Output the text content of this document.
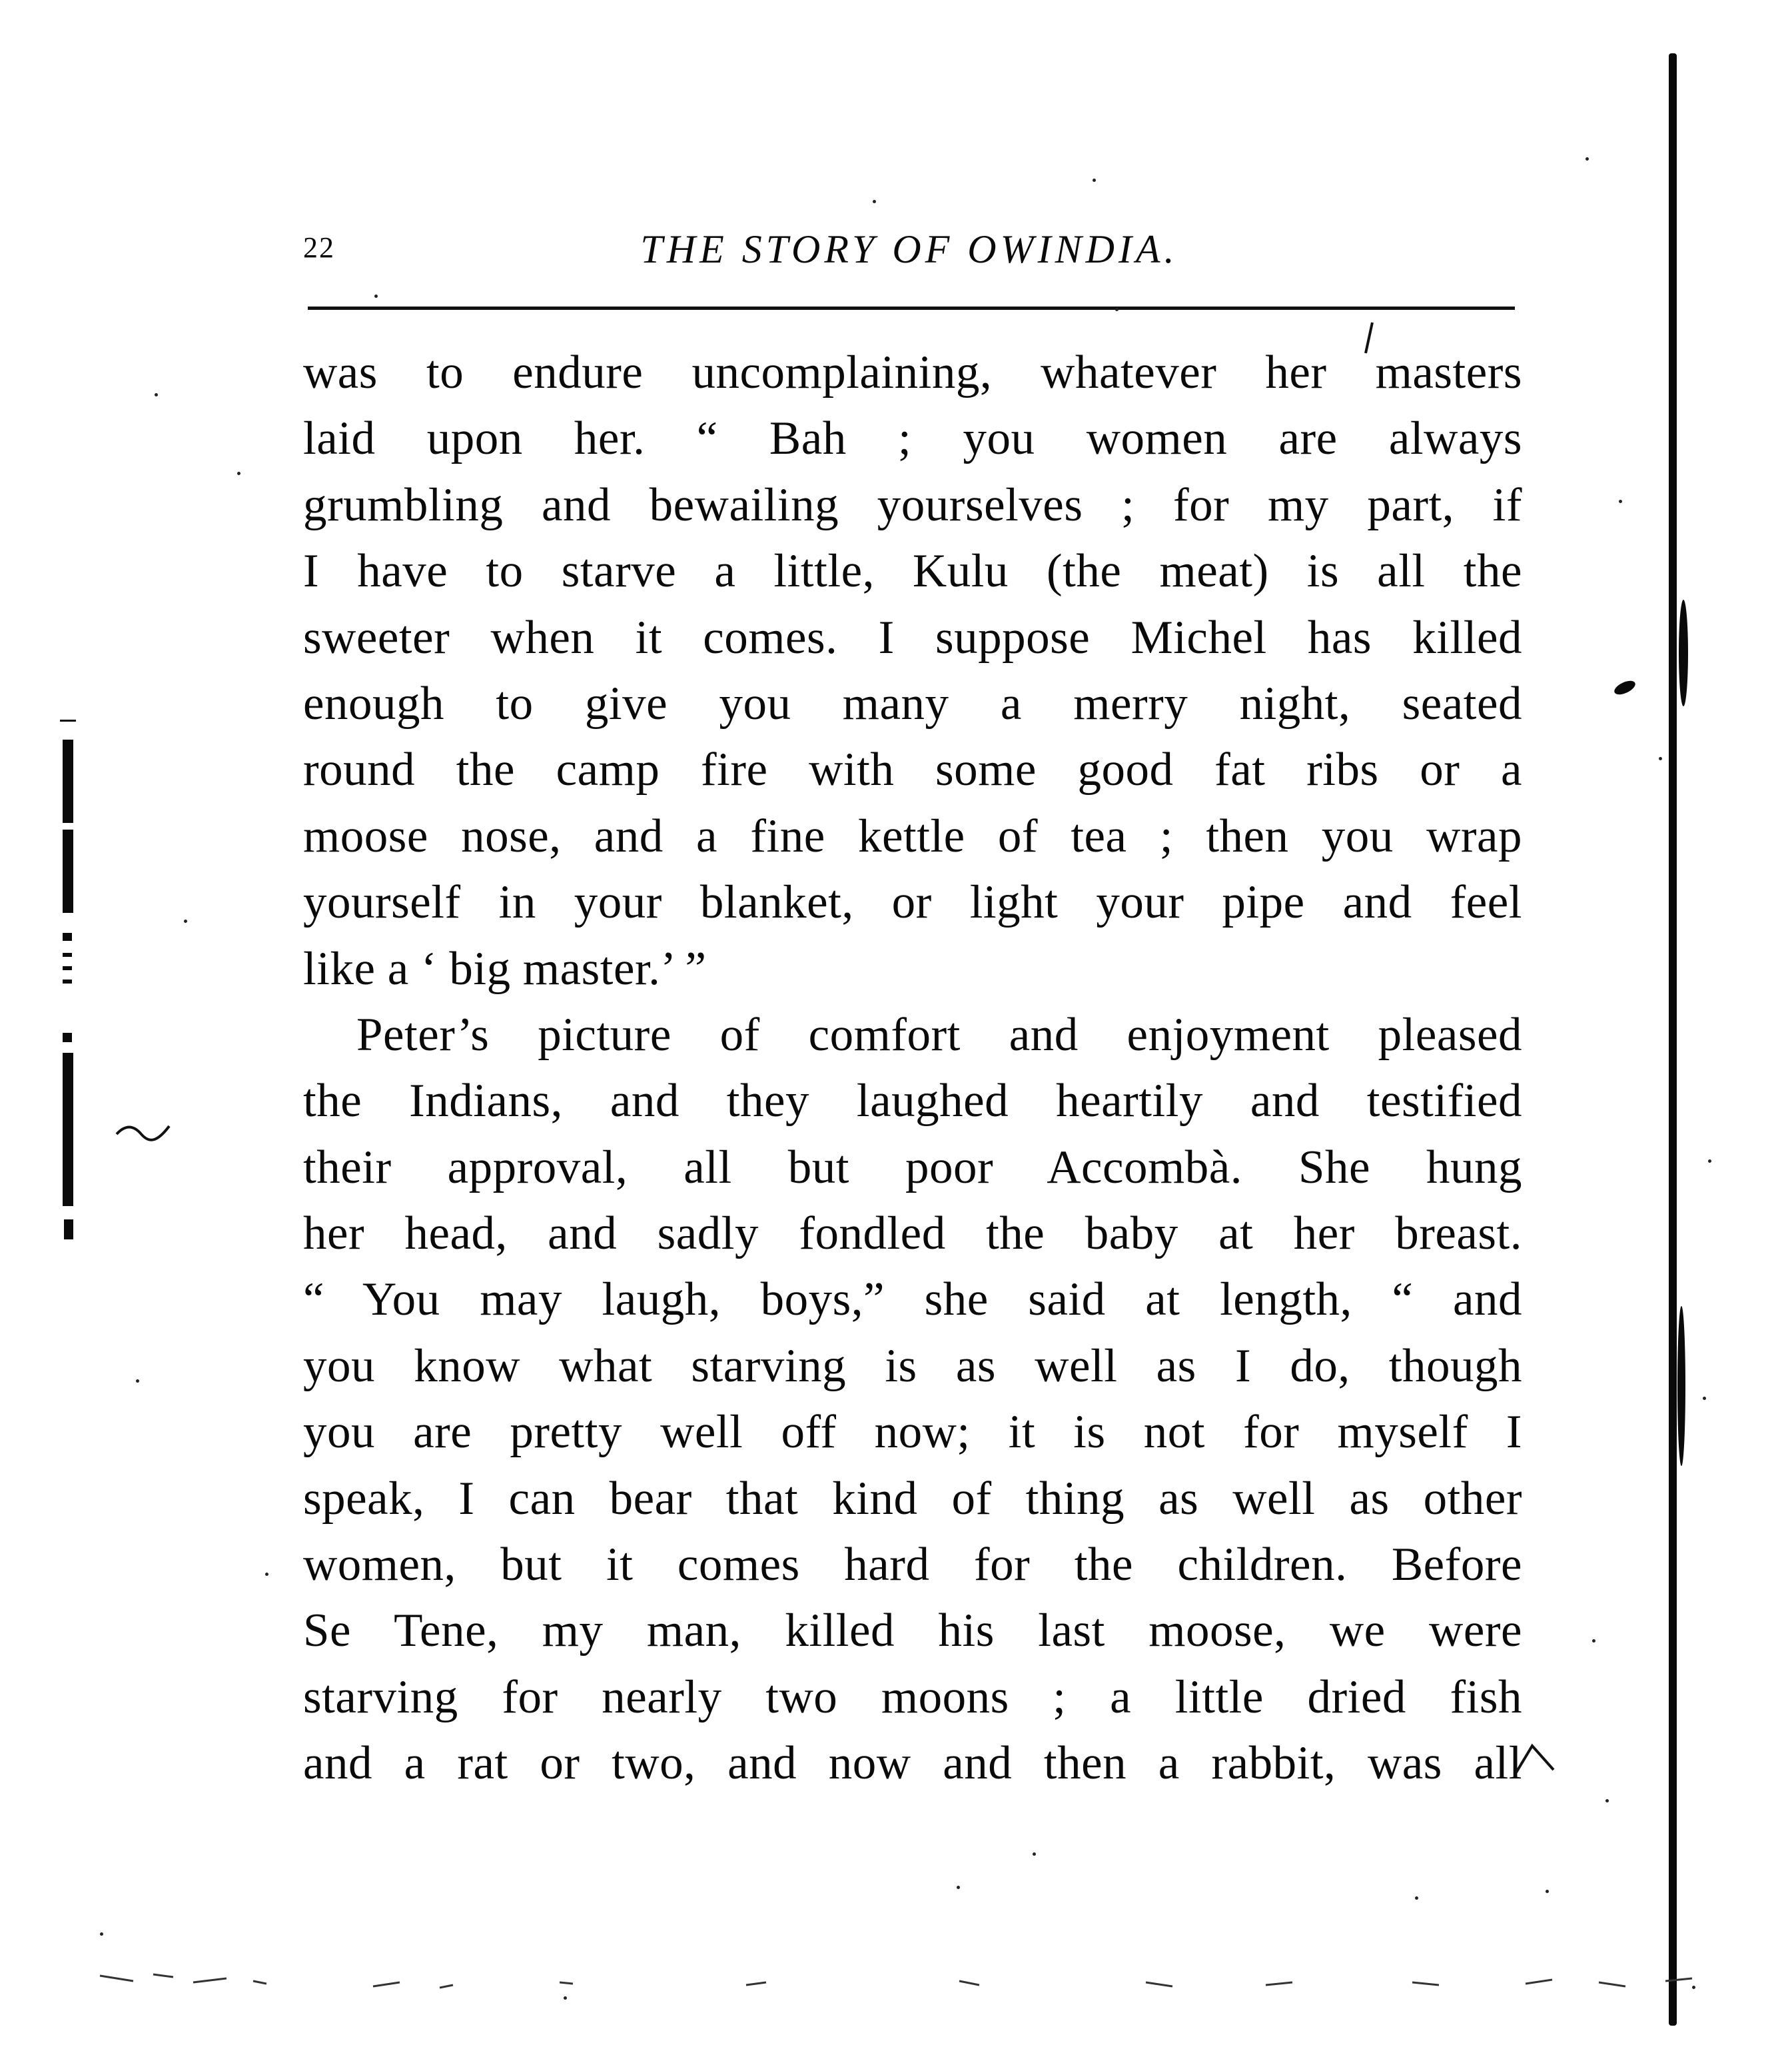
22	THE STORY OF OWINDIA.
was to endure uncomplaining, whatever her masters
laid upon her. “ Bah ; you women are always
grumbling and bewailing yourselves ; for my part, if
I have to starve a little, Kulu (the meat) is all the
sweeter when it comes. I suppose Michel has killed
enough to give you many a merry night, seated
round the camp fire with some good fat ribs or a
moose nose, and a fine kettle of tea ; then you wrap
yourself in your blanket, or light your pipe and feel
like a ‘ big master.’ ”
Peter’s picture of comfort and enjoyment pleased
the Indians, and they laughed heartily and testified
their approval, all but poor Accombà. She hung
her head, and sadly fondled the baby at her breast.
“ You may laugh, boys,” she said at length, “ and
you know what starving is as well as I do, though
you are pretty well off now; it is not for myself I
speak, I can bear that kind of thing as well as other
women, but it comes hard for the children. Before
Se Tene, my man, killed his last moose, we were
starving for nearly two moons ; a little dried fish
and a rat or two, and now and then a rabbit, was all
